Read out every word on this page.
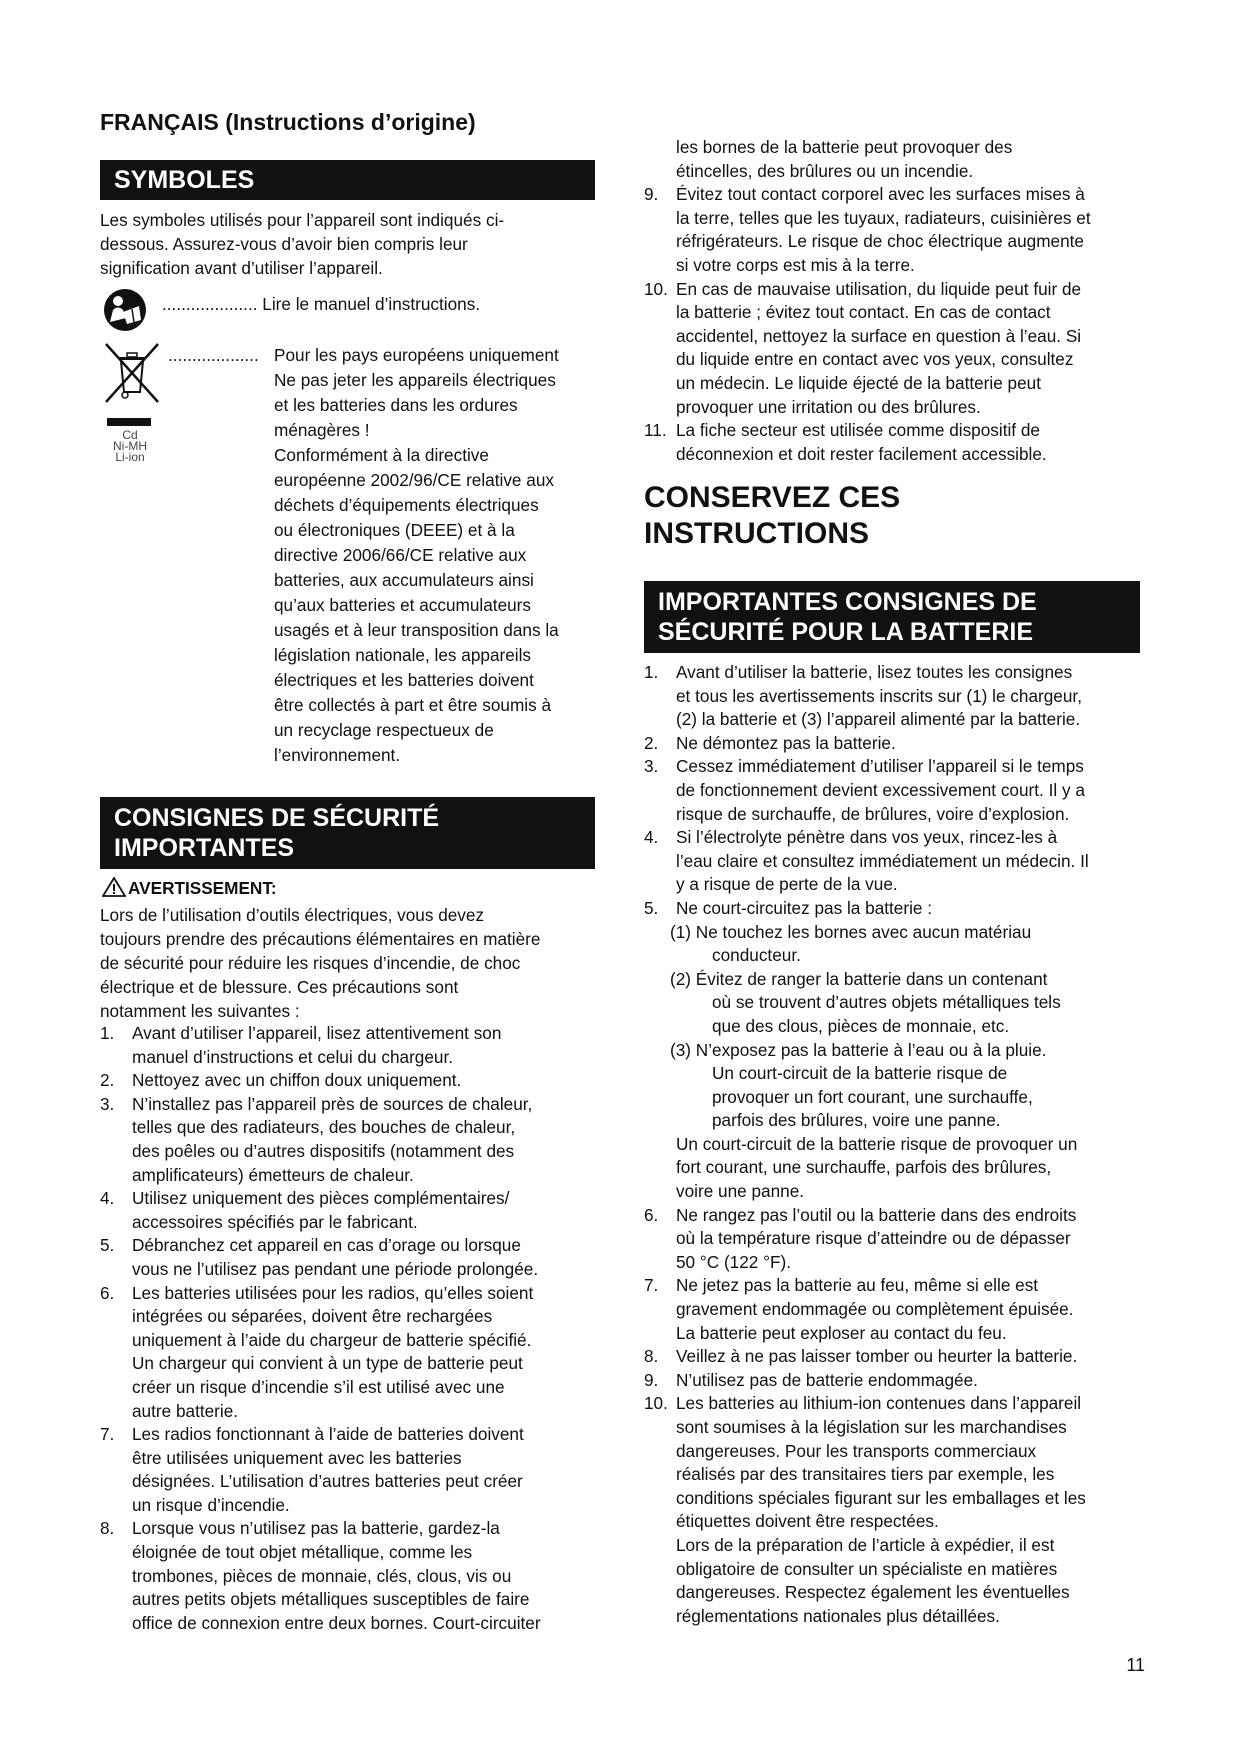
FRANÇAIS (Instructions d’origine)
SYMBOLES
Les symboles utilisés pour l’appareil sont indiqués ci-dessous. Assurez-vous d’avoir bien compris leur signification avant d’utiliser l’appareil.
.................... Lire le manuel d’instructions.
Cd
Ni-MH
Li-ion
................... Pour les pays européens uniquement
Ne pas jeter les appareils électriques
et les batteries dans les ordures
ménagères !
Conformément à la directive
européenne 2002/96/CE relative aux
déchets d’équipements électriques
ou électroniques (DEEE) et à la
directive 2006/66/CE relative aux
batteries, aux accumulateurs ainsi
qu’aux batteries et accumulateurs
usagés et à leur transposition dans la
législation nationale, les appareils
électriques et les batteries doivent
être collectés à part et être soumis à
un recyclage respectueux de
l’environnement.
CONSIGNES DE SÉCURITÉ
IMPORTANTES
AVERTISSEMENT:
Lors de l’utilisation d’outils électriques, vous devez
toujours prendre des précautions élémentaires en matière
de sécurité pour réduire les risques d’incendie, de choc
électrique et de blessure. Ces précautions sont
notamment les suivantes :
1. Avant d’utiliser l’appareil, lisez attentivement son
manuel d’instructions et celui du chargeur.
2. Nettoyez avec un chiffon doux uniquement.
3. N’installez pas l’appareil près de sources de chaleur,
telles que des radiateurs, des bouches de chaleur,
des poêles ou d’autres dispositifs (notamment des
amplificateurs) émetteurs de chaleur.
4. Utilisez uniquement des pièces complémentaires/
accessoires spécifiés par le fabricant.
5. Débranchez cet appareil en cas d’orage ou lorsque
vous ne l’utilisez pas pendant une période prolongée.
6. Les batteries utilisées pour les radios, qu’elles soient
intégrées ou séparées, doivent être rechargées
uniquement à l’aide du chargeur de batterie spécifié.
Un chargeur qui convient à un type de batterie peut
créer un risque d’incendie s’il est utilisé avec une
autre batterie.
7. Les radios fonctionnant à l’aide de batteries doivent
être utilisées uniquement avec les batteries
désignées. L’utilisation d’autres batteries peut créer
un risque d’incendie.
8. Lorsque vous n’utilisez pas la batterie, gardez-la
éloignée de tout objet métallique, comme les
trombones, pièces de monnaie, clés, clous, vis ou
autres petits objets métalliques susceptibles de faire
office de connexion entre deux bornes. Court-circuiter
les bornes de la batterie peut provoquer des
étincelles, des brûlures ou un incendie.
9. Évitez tout contact corporel avec les surfaces mises à
la terre, telles que les tuyaux, radiateurs, cuisinières et
réfrigérateurs. Le risque de choc électrique augmente
si votre corps est mis à la terre.
10. En cas de mauvaise utilisation, du liquide peut fuir de
la batterie ; évitez tout contact. En cas de contact
accidentel, nettoyez la surface en question à l’eau. Si
du liquide entre en contact avec vos yeux, consultez
un médecin. Le liquide éjecté de la batterie peut
provoquer une irritation ou des brûlures.
11. La fiche secteur est utilisée comme dispositif de
déconnexion et doit rester facilement accessible.
CONSERVEZ CES
INSTRUCTIONS
IMPORTANTES CONSIGNES DE
SÉCURITÉ POUR LA BATTERIE
1. Avant d’utiliser la batterie, lisez toutes les consignes
et tous les avertissements inscrits sur (1) le chargeur,
(2) la batterie et (3) l’appareil alimenté par la batterie.
2. Ne démontez pas la batterie.
3. Cessez immédiatement d’utiliser l’appareil si le temps
de fonctionnement devient excessivement court. Il y a
risque de surchauffe, de brûlures, voire d’explosion.
4. Si l’électrolyte pénètre dans vos yeux, rincez-les à
l’eau claire et consultez immédiatement un médecin. Il
y a risque de perte de la vue.
5. Ne court-circuitez pas la batterie :
(1) Ne touchez les bornes avec aucun matériau
conducteur.
(2) Évitez de ranger la batterie dans un contenant
où se trouvent d’autres objets métalliques tels
que des clous, pièces de monnaie, etc.
(3) N’exposez pas la batterie à l’eau ou à la pluie.
Un court-circuit de la batterie risque de
provoquer un fort courant, une surchauffe,
parfois des brûlures, voire une panne.
Un court-circuit de la batterie risque de provoquer un
fort courant, une surchauffe, parfois des brûlures,
voire une panne.
6. Ne rangez pas l’outil ou la batterie dans des endroits
où la température risque d’atteindre ou de dépasser
50 °C (122 °F).
7. Ne jetez pas la batterie au feu, même si elle est
gravement endommagée ou complètement épuisée.
La batterie peut exploser au contact du feu.
8. Veillez à ne pas laisser tomber ou heurter la batterie.
9. N’utilisez pas de batterie endommagée.
10. Les batteries au lithium-ion contenues dans l’appareil
sont soumises à la législation sur les marchandises
dangereuses. Pour les transports commerciaux
réalisés par des transitaires tiers par exemple, les
conditions spéciales figurant sur les emballages et les
étiquettes doivent être respectées.
Lors de la préparation de l’article à expédier, il est
obligatoire de consulter un spécialiste en matières
dangereuses. Respectez également les éventuelles
réglementations nationales plus détaillées.
11
